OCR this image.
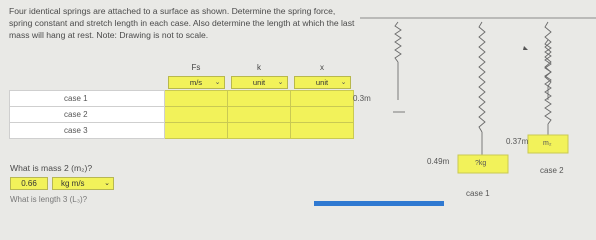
Four identical springs are attached to a surface as shown. Determine the spring force, spring constant and stretch length in each case. Also determine the length at which the last mass will hang at rest. Note: Drawing is not to scale.
	Fs	k	x

	m/s ⌄	unit ⌄	unit ⌄

case 1			
case 2			
case 3			
What is mass 2 (m₂)?
0.66	kg m/s	⌄
What is length 3 (L₃)?
0.3m
0.49m	?kg
case 1
0.37m m₂
case 2
